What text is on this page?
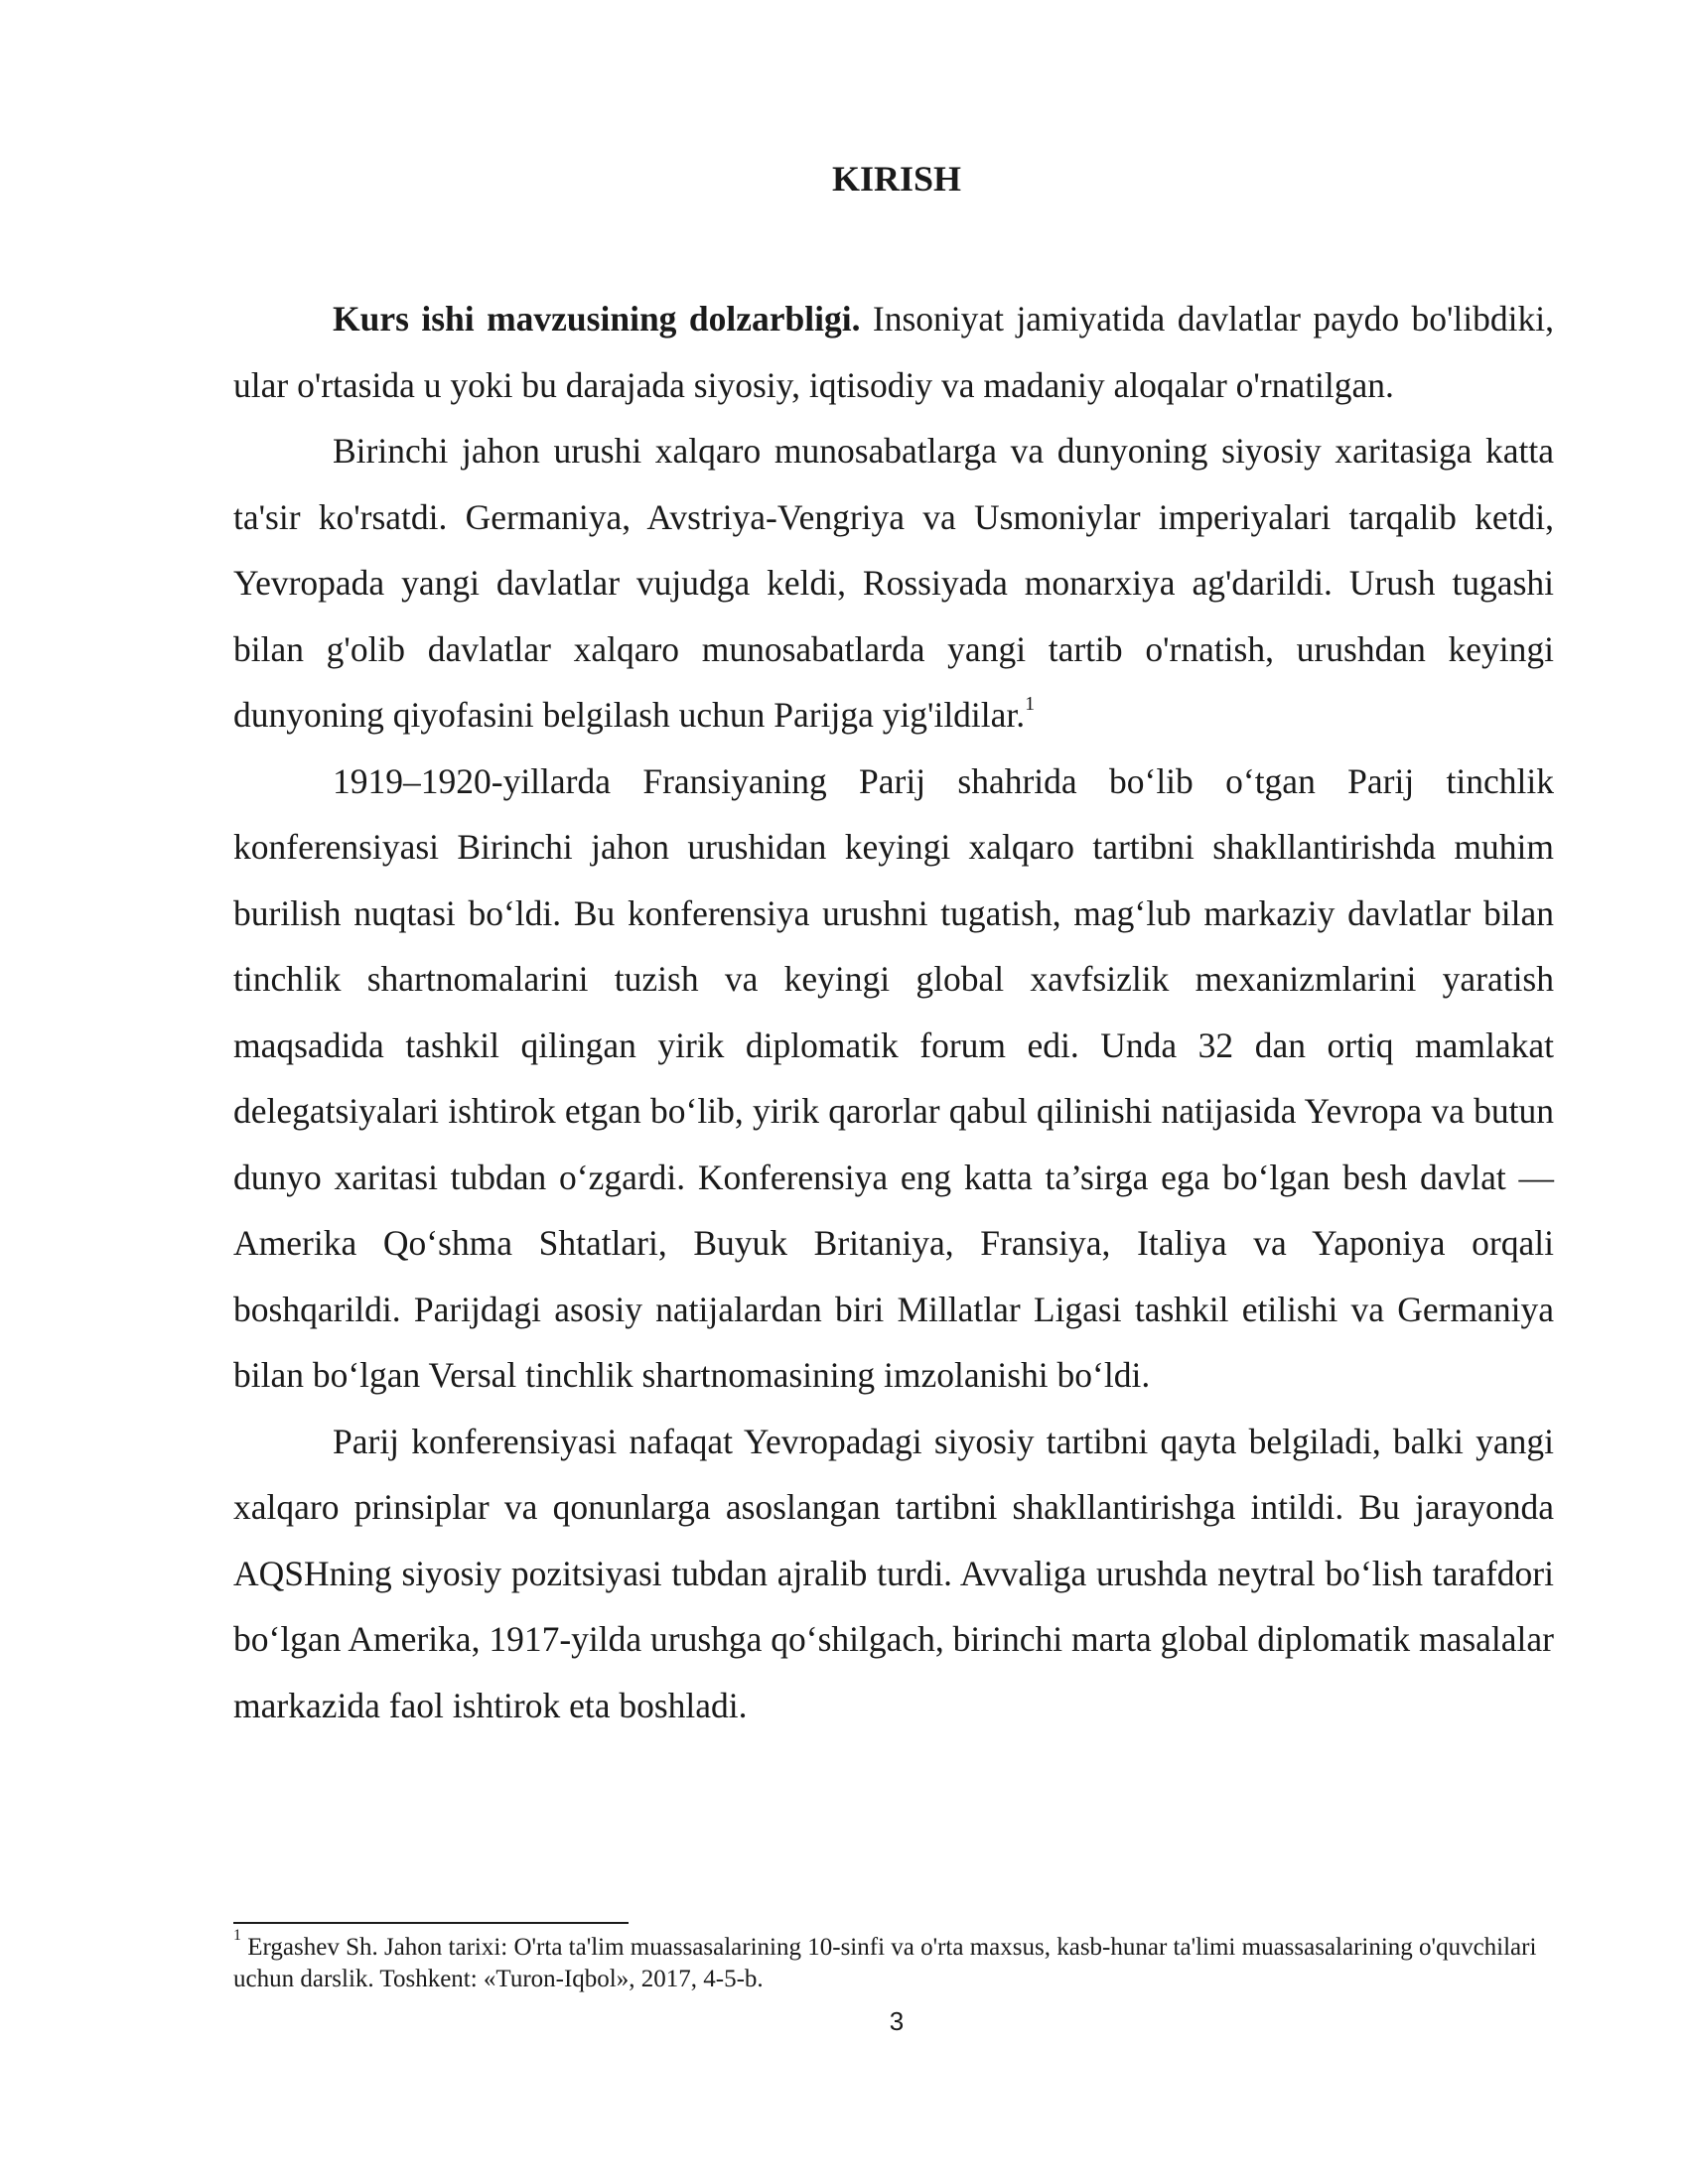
KIRISH

Kurs ishi mavzusining dolzarbligi. Insoniyat jamiyatida davlatlar paydo bo'libdiki, ular o'rtasida u yoki bu darajada siyosiy, iqtisodiy va madaniy aloqalar o'rnatilgan.

Birinchi jahon urushi xalqaro munosabatlarga va dunyoning siyosiy xaritasiga katta ta'sir ko'rsatdi. Germaniya, Avstriya-Vengriya va Usmoniylar imperiyalari tarqalib ketdi, Yevropada yangi davlatlar vujudga keldi, Rossiyada monarxiya ag'darildi. Urush tugashi bilan g'olib davlatlar xalqaro munosabatlarda yangi tartib o'rnatish, urushdan keyingi dunyoning qiyofasini belgilash uchun Parijga yig'ildilar.$^1$

1919–1920-yillarda Fransiyaning Parij shahrida bo‘lib o‘tgan Parij tinchlik konferensiyasi Birinchi jahon urushidan keyingi xalqaro tartibni shakllantirishda muhim burilish nuqtasi bo‘ldi. Bu konferensiya urushni tugatish, mag‘lub markaziy davlatlar bilan tinchlik shartnomalarini tuzish va keyingi global xavfsizlik mexanizmlarini yaratish maqsadida tashkil qilingan yirik diplomatik forum edi. Unda 32 dan ortiq mamlakat delegatsiyalari ishtirok etgan bo‘lib, yirik qarorlar qabul qilinishi natijasida Yevropa va butun dunyo xaritasi tubdan o‘zgardi. Konferensiya eng katta ta’sirga ega bo‘lgan besh davlat — Amerika Qo‘shma Shtatlari, Buyuk Britaniya, Fransiya, Italiya va Yaponiya orqali boshqarildi. Parijdagi asosiy natijalardan biri Millatlar Ligasi tashkil etilishi va Germaniya bilan bo‘lgan Versal tinchlik shartnomasining imzolanishi bo‘ldi.

Parij konferensiyasi nafaqat Yevropadagi siyosiy tartibni qayta belgiladi, balki yangi xalqaro prinsiplar va qonunlarga asoslangan tartibni shakllantirishga intildi. Bu jarayonda AQSHning siyosiy pozitsiyasi tubdan ajralib turdi. Avvaliga urushda neytral bo‘lish tarafdori bo‘lgan Amerika, 1917-yilda urushga qo‘shilgach, birinchi marta global diplomatik masalalar markazida faol ishtirok eta boshladi.

$^1$ Ergashev Sh. Jahon tarixi: O'rta ta'lim muassasalarining 10-sinfi va o'rta maxsus, kasb-hunar ta'limi muassasalarining o'quvchilari uchun darslik. Toshkent: «Turon-Iqbol», 2017, 4-5-b.

3
